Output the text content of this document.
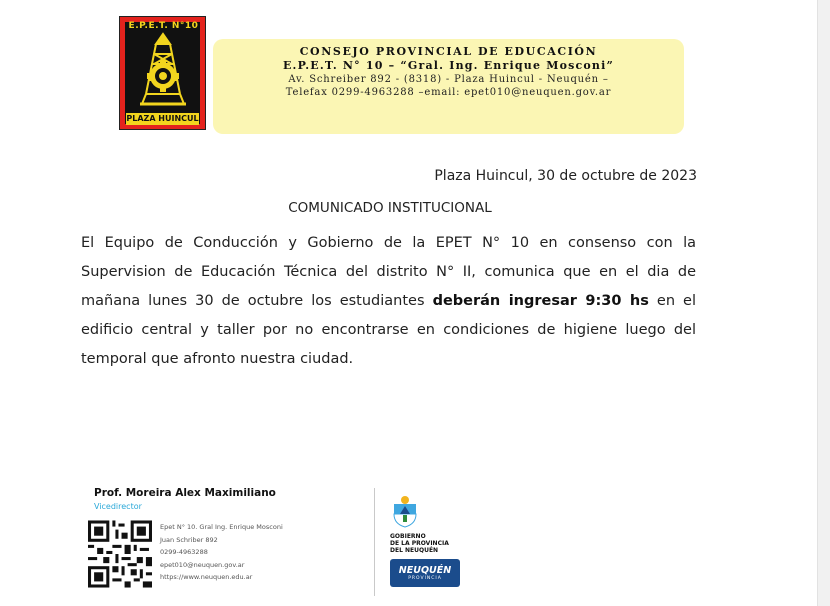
E.P.E.T. N°10
PLAZA HUINCUL
CONSEJO PROVINCIAL DE EDUCACIÓN
E.P.E.T. N° 10 – “Gral. Ing. Enrique Mosconi”
Av. Schreiber 892 - (8318) - Plaza Huincul - Neuquén –
Telefax 0299-4963288 –email: epet010@neuquen.gov.ar
Plaza Huincul, 30 de octubre de 2023
COMUNICADO INSTITUCIONAL
El Equipo de Conducción y Gobierno de la EPET N° 10 en consenso con la Supervision de Educación Técnica del distrito N° II, comunica que en el dia de mañana lunes 30 de octubre los estudiantes deberán ingresar 9:30 hs en el edificio central y taller por no encontrarse en condiciones de higiene luego del temporal que afronto nuestra ciudad.
Prof. Moreira Alex Maximiliano
Vicedirector
Epet N° 10. Gral Ing. Enrique Mosconi
Juan Schriber 892
0299-4963288
epet010@neuquen.gov.ar
https://www.neuquen.edu.ar
GOBIERNO
DE LA PROVINCIA
DEL NEUQUÉN
NEUQUÉN
PROVINCIA
